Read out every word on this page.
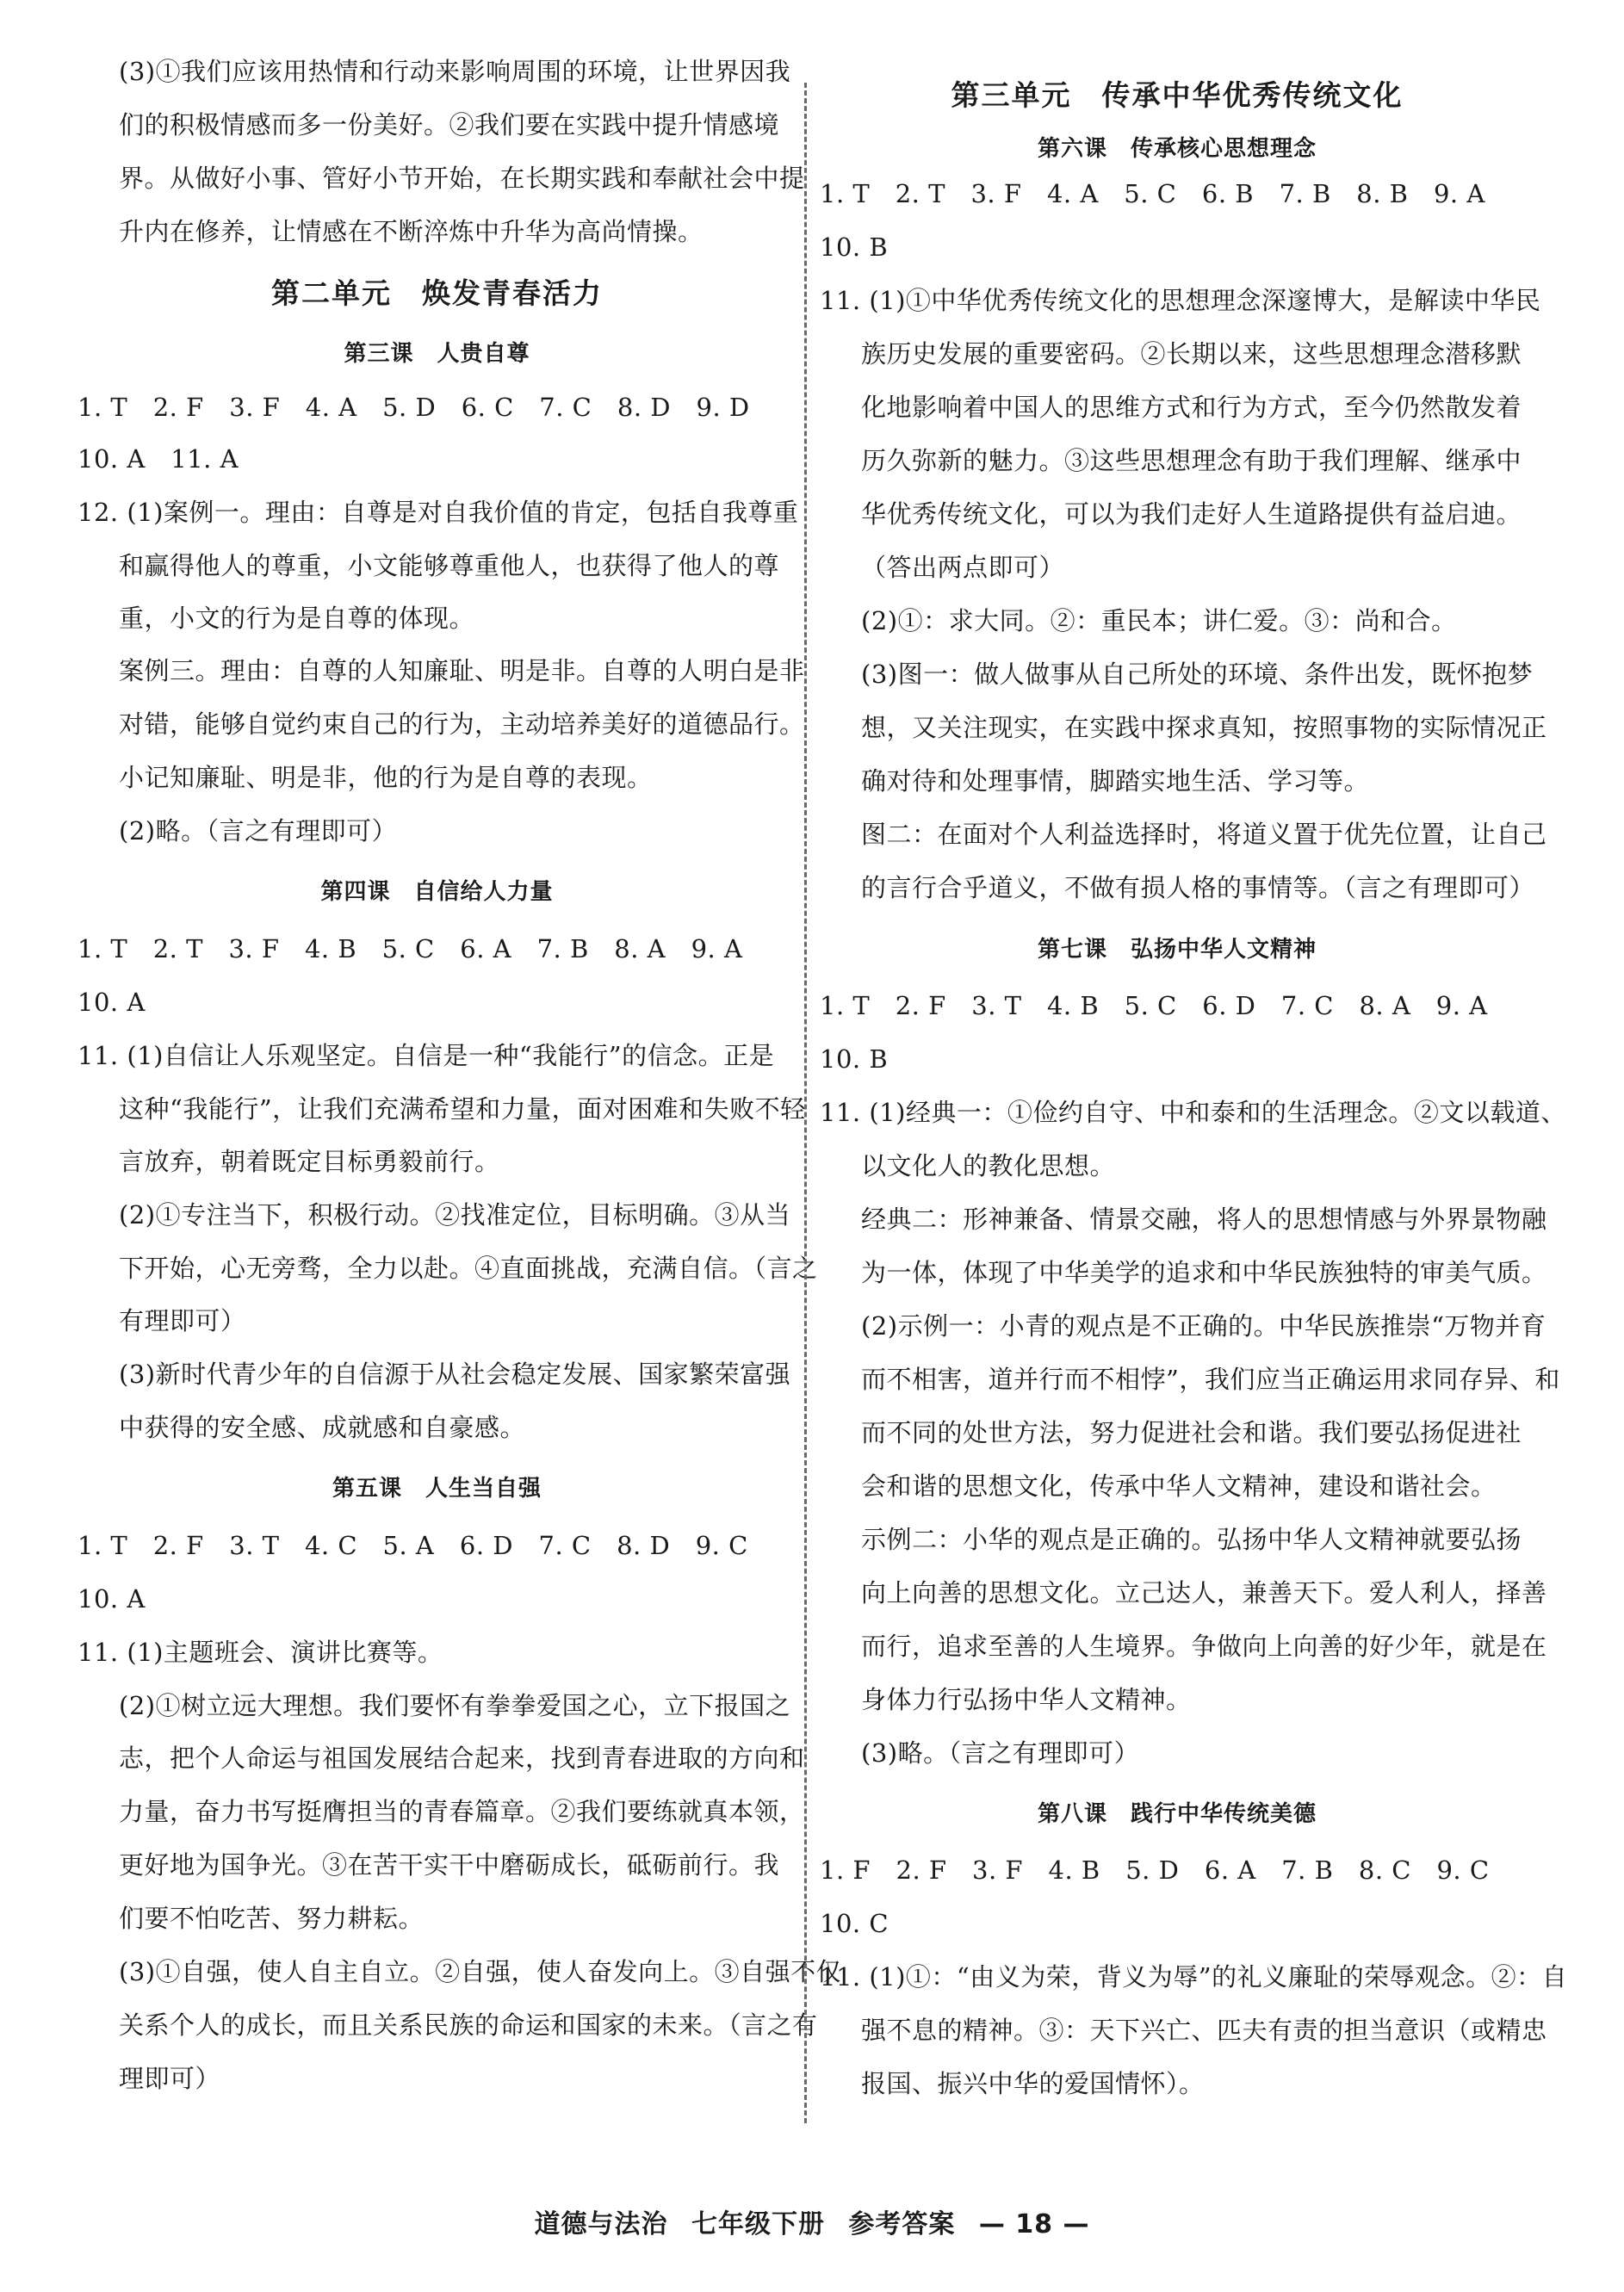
(3)①我们应该用热情和行动来影响周围的环境，让世界因我
们的积极情感而多一份美好。②我们要在实践中提升情感境
界。从做好小事、管好小节开始，在长期实践和奉献社会中提
升内在修养，让情感在不断淬炼中升华为高尚情操。
第二单元　焕发青春活力
第三课　人贵自尊
1. T　2. F　3. F　4. A　5. D　6. C　7. C　8. D　9. D
10. A　11. A
12. (1)案例一。理由：自尊是对自我价值的肯定，包括自我尊重
和赢得他人的尊重，小文能够尊重他人，也获得了他人的尊
重，小文的行为是自尊的体现。
案例三。理由：自尊的人知廉耻、明是非。自尊的人明白是非
对错，能够自觉约束自己的行为，主动培养美好的道德品行。
小记知廉耻、明是非，他的行为是自尊的表现。
(2)略。（言之有理即可）
第四课　自信给人力量
1. T　2. T　3. F　4. B　5. C　6. A　7. B　8. A　9. A
10. A
11. (1)自信让人乐观坚定。自信是一种“我能行”的信念。正是
这种“我能行”，让我们充满希望和力量，面对困难和失败不轻
言放弃，朝着既定目标勇毅前行。
(2)①专注当下，积极行动。②找准定位，目标明确。③从当
下开始，心无旁骛，全力以赴。④直面挑战，充满自信。（言之
有理即可）
(3)新时代青少年的自信源于从社会稳定发展、国家繁荣富强
中获得的安全感、成就感和自豪感。
第五课　人生当自强
1. T　2. F　3. T　4. C　5. A　6. D　7. C　8. D　9. C
10. A
11. (1)主题班会、演讲比赛等。
(2)①树立远大理想。我们要怀有拳拳爱国之心，立下报国之
志，把个人命运与祖国发展结合起来，找到青春进取的方向和
力量，奋力书写挺膺担当的青春篇章。②我们要练就真本领，
更好地为国争光。③在苦干实干中磨砺成长，砥砺前行。我
们要不怕吃苦、努力耕耘。
(3)①自强，使人自主自立。②自强，使人奋发向上。③自强不仅
关系个人的成长，而且关系民族的命运和国家的未来。（言之有
理即可）
第三单元　传承中华优秀传统文化
第六课　传承核心思想理念
1. T　2. T　3. F　4. A　5. C　6. B　7. B　8. B　9. A
10. B
11. (1)①中华优秀传统文化的思想理念深邃博大，是解读中华民
族历史发展的重要密码。②长期以来，这些思想理念潜移默
化地影响着中国人的思维方式和行为方式，至今仍然散发着
历久弥新的魅力。③这些思想理念有助于我们理解、继承中
华优秀传统文化，可以为我们走好人生道路提供有益启迪。
（答出两点即可）
(2)①：求大同。②：重民本；讲仁爱。③：尚和合。
(3)图一：做人做事从自己所处的环境、条件出发，既怀抱梦
想，又关注现实，在实践中探求真知，按照事物的实际情况正
确对待和处理事情，脚踏实地生活、学习等。
图二：在面对个人利益选择时，将道义置于优先位置，让自己
的言行合乎道义，不做有损人格的事情等。（言之有理即可）
第七课　弘扬中华人文精神
1. T　2. F　3. T　4. B　5. C　6. D　7. C　8. A　9. A
10. B
11. (1)经典一：①俭约自守、中和泰和的生活理念。②文以载道、
以文化人的教化思想。
经典二：形神兼备、情景交融，将人的思想情感与外界景物融
为一体，体现了中华美学的追求和中华民族独特的审美气质。
(2)示例一：小青的观点是不正确的。中华民族推崇“万物并育
而不相害，道并行而不相悖”，我们应当正确运用求同存异、和
而不同的处世方法，努力促进社会和谐。我们要弘扬促进社
会和谐的思想文化，传承中华人文精神，建设和谐社会。
示例二：小华的观点是正确的。弘扬中华人文精神就要弘扬
向上向善的思想文化。立己达人，兼善天下。爱人利人，择善
而行，追求至善的人生境界。争做向上向善的好少年，就是在
身体力行弘扬中华人文精神。
(3)略。（言之有理即可）
第八课　践行中华传统美德
1. F　2. F　3. F　4. B　5. D　6. A　7. B　8. C　9. C
10. C
11. (1)①：“由义为荣，背义为辱”的礼义廉耻的荣辱观念。②：自
强不息的精神。③：天下兴亡、匹夫有责的担当意识（或精忠
报国、振兴中华的爱国情怀）。
道德与法治 七年级下册 参考答案 — 18 —
